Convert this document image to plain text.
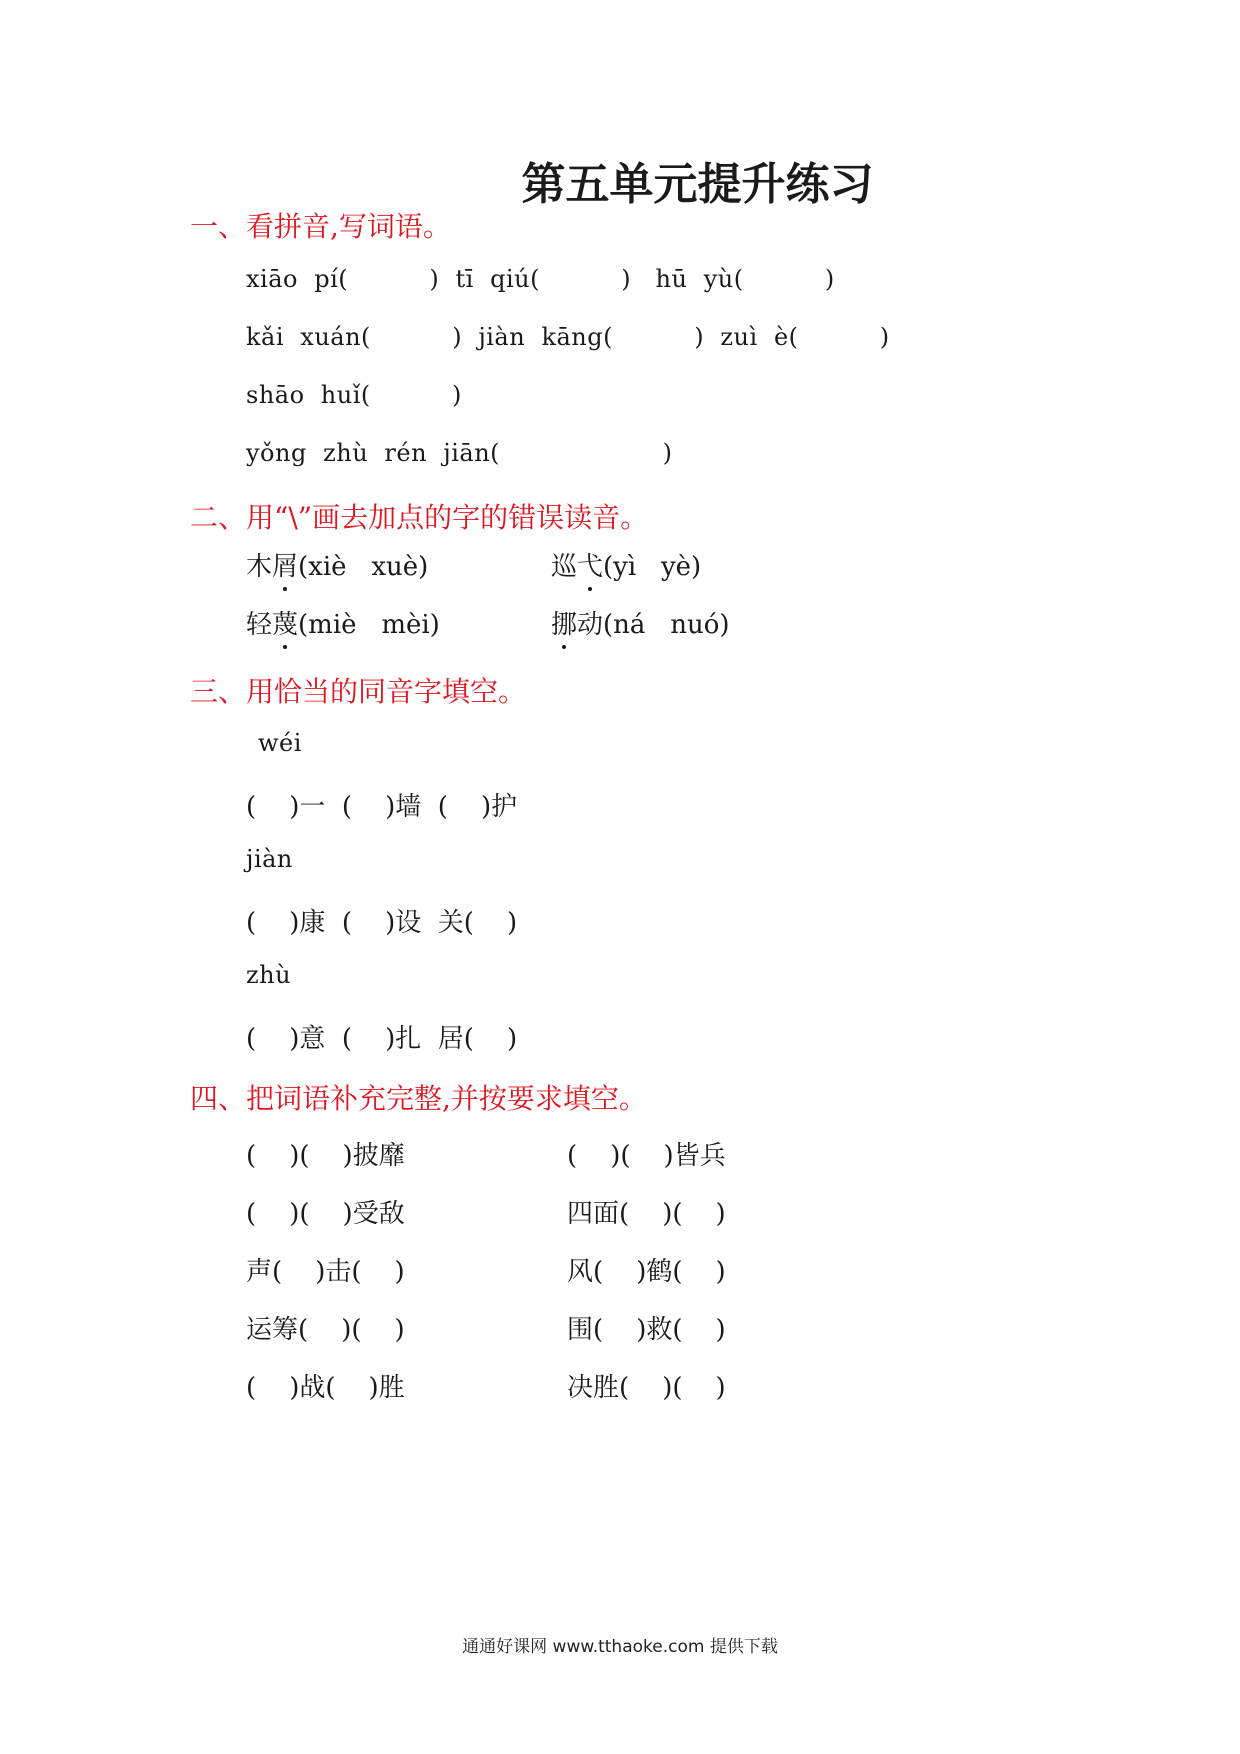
第五单元提升练习
一、看拼音,写词语。
xiāo  pí(          )  tī  qiú(          )   hū  yù(          )
kǎi  xuán(          )  jiàn  kāng(          )  zuì  è(          )
shāo  huǐ(          )
yǒng  zhù  rén  jiān(                    )
二、用“\”画去加点的字的错误读音。
木屑(xiè   xuè)	巡弋(yì   yè)
轻蔑(miè   mèi)	挪动(ná   nuó)
三、用恰当的同音字填空。
wéi
(    )一  (    )墙  (    )护
jiàn
(    )康  (    )设  关(    )
zhù
(    )意  (    )扎  居(    )
四、把词语补充完整,并按要求填空。
(    )(    )披靡	(    )(    )皆兵
(    )(    )受敌	四面(    )(    )
声(    )击(    )	风(    )鹤(    )
运筹(    )(    )	围(    )救(    )
(    )战(    )胜	决胜(    )(    )
通通好课网 www.tthaoke.com 提供下载
